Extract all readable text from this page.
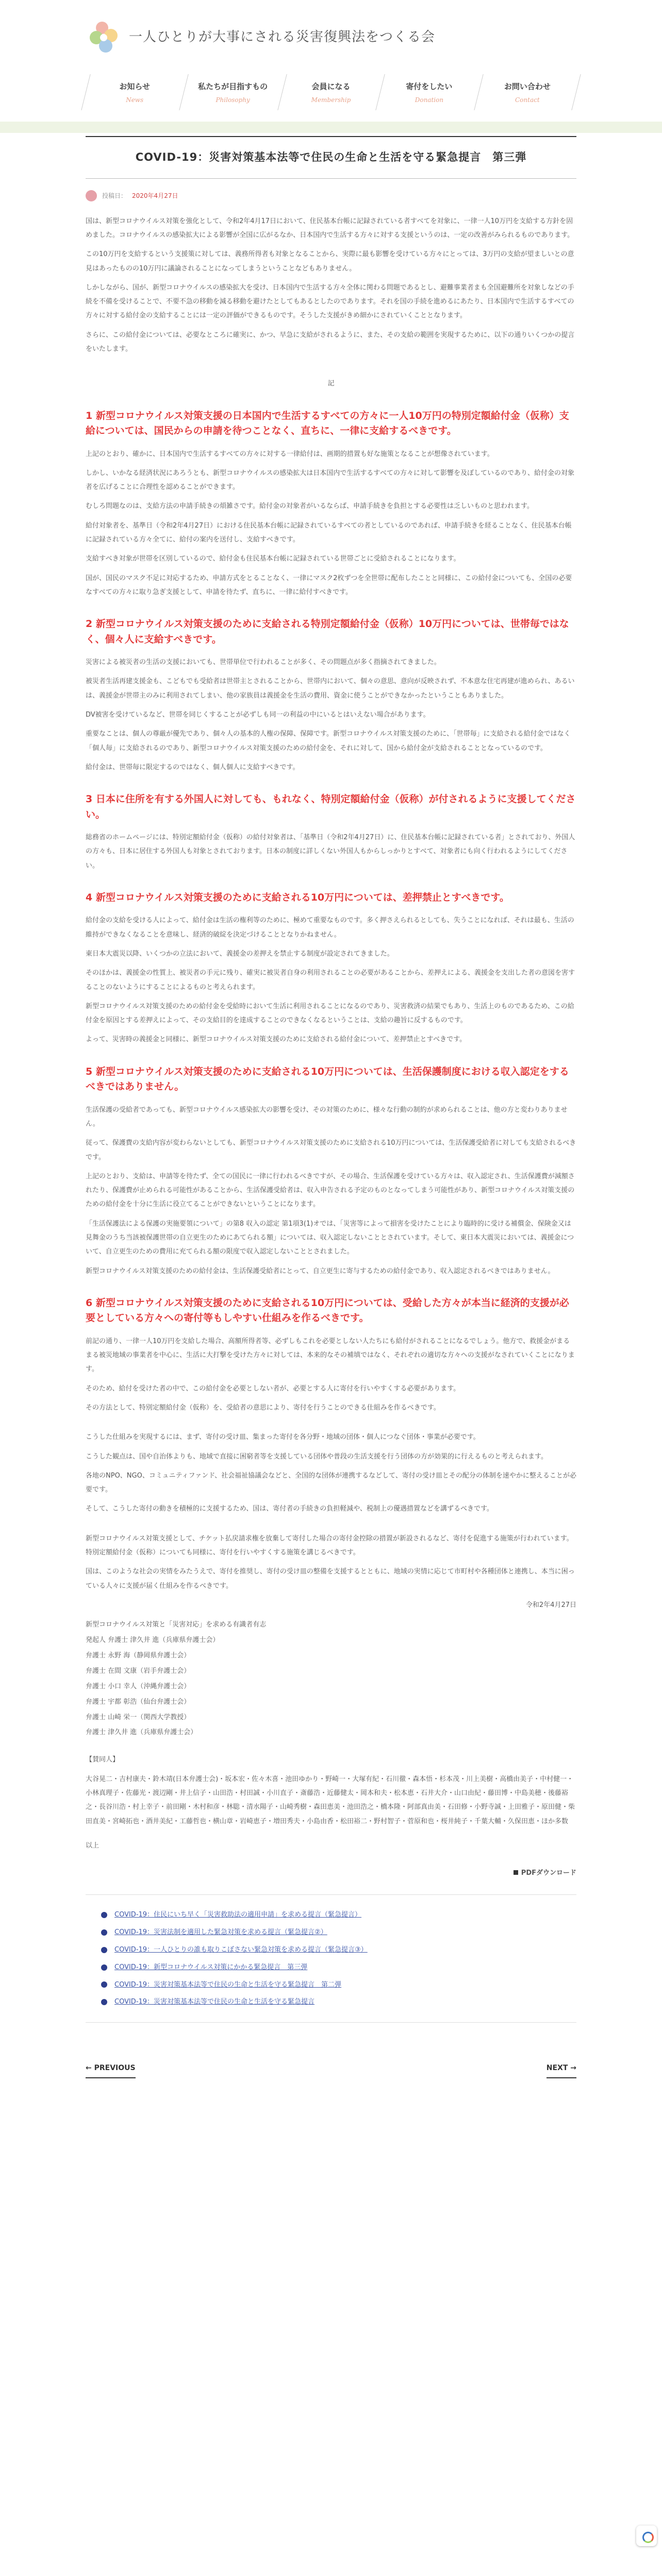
一人ひとりが大事にされる災害復興法をつくる会
お知らせ
News
私たちが目指すもの
Philosophy
会員になる
Membership
寄付をしたい
Donation
お問い合わせ
Contact
COVID-19：災害対策基本法等で住民の生命と生活を守る緊急提言　第三弾
投稿日： 2020年4月27日

国は、新型コロナウイルス対策を強化として、令和2年4月17日において、住民基本台帳に記録されている者すべてを対象に、一律一人10万円を支給する方針を固めました。コロナウイルスの感染拡大による影響が全国に広がるなか、日本国内で生活する方々に対する支援というのは、一定の改善がみられるものであります。

この10万円を支給するという支援策に対しては、義務所得者も対象となることから、実際に最も影響を受けている方々にとっては、3万円の支給が望ましいとの意見はあったものの10万円に議論されることになってしまうということなどもありません。

しかしながら、国が、新型コロナウイルスの感染拡大を受け、日本国内で生活する方々全体に関わる問題であるとし、避難事業者まも全国避難所を対象しなどの手続を不備を受けることで、不要不急の移動を減る移動を避けたとしてもあるとしたのであります。それを国の手続を進めるにあたり、日本国内で生活するすべての方々に対する給付金の支給することには一定の評価ができるものです。そうした支援がきめ細かにされていくこととなります。

さらに、この給付金については、必要なところに確実に、かつ、早急に支給がされるように、また、その支給の範囲を実現するために、以下の通りいくつかの提言をいたします。

記
1 新型コロナウイルス対策支援の日本国内で生活するすべての方々に一人10万円の特別定額給付金（仮称）支給については、国民からの申請を待つことなく、直ちに、一律に支給するべきです。

上記のとおり、確かに、日本国内で生活するすべての方々に対する一律給付は、画期的措置も好な施策となることが想像されています。

しかし、いかなる経済状況にあろうとも、新型コロナウイルスの感染拡大は日本国内で生活するすべての方々に対して影響を及ぼしているのであり、給付金の対象者を広げることに合理性を認めることができます。

むしろ問題なのは、支給方法の申請手続きの煩雑さです。給付金の対象者がいるならば、申請手続きを負担とする必要性は乏しいものと思われます。

給付対象者を、基準日（令和2年4月27日）における住民基本台帳に記録されているすべての者としているのであれば、申請手続きを経ることなく、住民基本台帳に記録されている方々全てに、給付の案内を送付し、支給すべきです。

支給すべき対象が世帯を区別しているので、給付金も住民基本台帳に記録されている世帯ごとに受給されることになります。

国が、国民のマスク不足に対応するため、申請方式をとることなく、一律にマスク2枚ずつを全世帯に配布したことと同様に、この給付金についても、全国の必要なすべての方々に取り急ぎ支援として、申請を待たず、直ちに、一律に給付すべきです。

2 新型コロナウイルス対策支援のために支給される特別定額給付金（仮称）10万円については、世帯毎ではなく、個々人に支給すべきです。

災害による被災者の生活の支援においても、世帯単位で行われることが多く、その問題点が多く指摘されてきました。

被災者生活再建支援金も、こどもでも受給者は世帯主とされることから、世帯内において、個々の意思、意向が反映されず、不本意な住宅再建が進められ、あるいは、義援金が世帯主のみに利用されてしまい、他の家族員は義援金を生活の費用、資金に使うことができなかったということもありました。

DV被害を受けているなど、世帯を同じくすることが必ずしも同一の利益の中にいるとはいえない場合があります。

重要なことは、個人の尊厳が優先であり、個々人の基本的人権の保障、保障です。新型コロナウイルス対策支援のために、「世帯毎」に支給される給付金ではなく「個人毎」に支給されるのであり、新型コロナウイルス対策支援のための給付金を、それに対して、国から給付金が支給されることとなっているのです。

給付金は、世帯毎に限定するのではなく、個人個人に支給すべきです。

3 日本に住所を有する外国人に対しても、もれなく、特別定額給付金（仮称）が付されるように支援してください。

総務省のホームページには、特別定額給付金（仮称）の給付対象者は、「基準日（令和2年4月27日）に、住民基本台帳に記録されている者」とされており、外国人の方々も、日本に居住する外国人も対象とされております。日本の制度に詳しくない外国人もからしっかりとすべて、対象者にも向く行われるようにしてください。

4 新型コロナウイルス対策支援のために支給される10万円については、差押禁止とすべきです。

給付金の支給を受ける人によって、給付金は生活の権利等のために、極めて重要なものです。多く押さえられるとしても、失うことになれば、それは最も、生活の維持ができなくなることを意味し、経済的破綻を決定づけることとなりかねません。

東日本大震災以降、いくつかの立法において、義援金の差押えを禁止する制度が設定されてきました。

そのほかは、義援金の性質上、被災者の手元に残り、確実に被災者自身の利用されることの必要があることから、差押えによる、義援金を支出した者の意図を害することのないようにすることによるものと考えられます。

新型コロナウイルス対策支援のための給付金を受給時において生活に利用されることになるのであり、災害救済の結果でもあり、生活上のものであるため、この給付金を原因とする差押えによって、その支給目的を達成することのできなくなるということは、支給の趣旨に反するものです。

よって、災害時の義援金と同様に、新型コロナウイルス対策支援のために支給される給付金について、差押禁止とすべきです。

5 新型コロナウイルス対策支援のために支給される10万円については、生活保護制度における収入認定をするべきではありません。

生活保護の受給者であっても、新型コロナウイルス感染拡大の影響を受け、その対策のために、様々な行動の制約が求められることは、他の方と変わりありません。

従って、保護費の支給内容が変わらないとしても、新型コロナウイルス対策支援のために支給される10万円については、生活保護受給者に対しても支給されるべきです。

上記のとおり、支給は、申請等を待たず、全ての国民に一律に行われるべきですが、その場合、生活保護を受けている方々は、収入認定され、生活保護費が減額されたり、保護費が止められる可能性があることから、生活保護受給者は、収入申告される予定のものとなってしまう可能性があり、新型コロナウイルス対策支援のための給付金を十分に生活に役立てることができないということになります。

「生活保護法による保護の実施要領について」の第8 収入の認定 第1項3(1)オでは、「災害等によって損害を受けたことにより臨時的に受ける補償金、保険金又は見舞金のうち当該被保護世帯の自立更生のためにあてられる額」については、収入認定しないこととされています。そして、東日本大震災においては、義援金について、自立更生のための費用に充てられる額の限度で収入認定しないこととされました。

新型コロナウイルス対策支援のための給付金は、生活保護受給者にとって、自立更生に寄与するための給付金であり、収入認定されるべきではありません。

6 新型コロナウイルス対策支援のために支給される10万円については、受給した方々が本当に経済的支援が必要としている方々への寄付等もしやすい仕組みを作るべきです。

前記の通り、一律一人10万円を支給した場合、高額所得者等、必ずしもこれを必要としない人たちにも給付がされることになるでしょう。他方で、救援金がまるまる被災地域の事業者を中心に、生活に大打撃を受けた方々に対しては、本来的なその補填ではなく、それぞれの適切な方々への支援がなされていくことになります。

そのため、給付を受けた者の中で、この給付金を必要としない者が、必要とする人に寄付を行いやすくする必要があります。

その方法として、特別定額給付金（仮称）を、受給者の意思により、寄付を行うことのできる仕組みを作るべきです。

こうした仕組みを実現するには、まず、寄付の受け皿、集まった寄付を各分野・地域の団体・個人につなぐ団体・事業が必要です。

こうした観点は、国や自治体よりも、地域で直接に困窮者等を支援している団体や普段の生活支援を行う団体の方が効果的に行えるものと考えられます。

各地のNPO、NGO、コミュニティファンド、社会福祉協議会などと、全国的な団体が連携するなどして、寄付の受け皿とその配分の体制を速やかに整えることが必要です。

そして、こうした寄付の動きを積極的に支援するため、国は、寄付者の手続きの負担軽減や、税制上の優遇措置などを講ずるべきです。

新型コロナウイルス対策支援として、チケット払戻請求権を放棄して寄付した場合の寄付金控除の措置が新設されるなど、寄付を促進する施策が行われています。特別定額給付金（仮称）についても同様に、寄付を行いやすくする施策を講じるべきです。

国は、このような社会の実情をみたうえで、寄付を推奨し、寄付の受け皿の整備を支援するとともに、地域の実情に応じて市町村や各種団体と連携し、本当に困っている人々に支援が届く仕組みを作るべきです。

令和2年4月27日

新型コロナウイルス対策と「災害対応」を求める有識者有志
発起人 弁護士 津久井 進（兵庫県弁護士会）
弁護士 永野 海（静岡県弁護士会）
弁護士 在間 文康（岩手弁護士会）
弁護士 小口 幸人（沖縄弁護士会）
弁護士 宇都 彰浩（仙台弁護士会）
弁護士 山崎 栄一（関西大学教授）
弁護士 津久井 進（兵庫県弁護士会）

【賛同人】

大谷晃二・吉村康夫・鈴木靖(日本弁護士会)・坂本宏・佐々木喜・池田ゆかり・野崎一・大塚有紀・石川徹・森本悟・杉本茂・川上美樹・高橋由美子・中村健一・小林真理子・佐藤光・渡辺剛・井上信子・山田浩・村田誠・小川直子・斎藤浩・近藤健太・岡本和夫・松本恵・石井大介・山口由紀・藤田博・中島美穂・後藤裕之・長谷川浩・村上幸子・前田剛・木村和彦・林聡・清水陽子・山崎秀樹・森田恵美・池田浩之・橋本隆・阿部真由美・石田修・小野寺誠・上田雅子・原田健・柴田直美・宮崎拓也・酒井美紀・工藤哲也・横山章・岩崎恵子・増田秀夫・小島由香・松田裕二・野村智子・菅原和也・桜井純子・千葉大輔・久保田恵・ほか多数

以上

PDFダウンロード
COVID-19：住民にいち早く「災害救助法の適用申請」を求める提言（緊急提言）
COVID-19：災害法制を適用した緊急対策を求める提言（緊急提言②）
COVID-19：一人ひとりの誰も取りこぼさない緊急対策を求める提言（緊急提言③）
COVID-19：新型コロナウイルス対策にかかる緊急提言　第三弾
COVID-19：災害対策基本法等で住民の生命と生活を守る緊急提言　第二弾
COVID-19：災害対策基本法等で住民の生命と生活を守る緊急提言
← PREVIOUS	NEXT →
